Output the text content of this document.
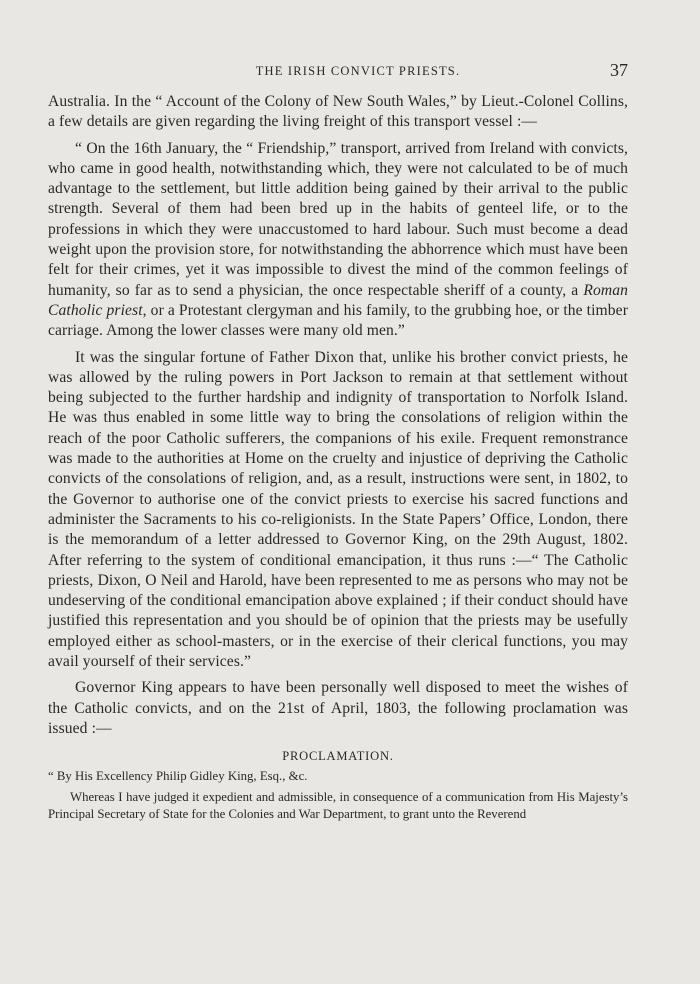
THE IRISH CONVICT PRIESTS.	37

Australia. In the “ Account of the Colony of New South Wales,” by Lieut.-Colonel Collins, a few details are given regarding the living freight of this transport vessel :—

“ On the 16th January, the “ Friendship,” transport, arrived from Ireland with convicts, who came in good health, notwithstanding which, they were not calculated to be of much advantage to the settlement, but little addition being gained by their arrival to the public strength. Several of them had been bred up in the habits of genteel life, or to the professions in which they were unaccustomed to hard labour. Such must become a dead weight upon the provision store, for notwithstanding the abhorrence which must have been felt for their crimes, yet it was impossible to divest the mind of the common feelings of humanity, so far as to send a physician, the once respectable sheriff of a county, a Roman Catholic priest, or a Protestant clergyman and his family, to the grubbing hoe, or the timber carriage. Among the lower classes were many old men.”

It was the singular fortune of Father Dixon that, unlike his brother convict priests, he was allowed by the ruling powers in Port Jackson to remain at that settlement without being subjected to the further hardship and indignity of transportation to Norfolk Island. He was thus enabled in some little way to bring the consolations of religion within the reach of the poor Catholic sufferers, the companions of his exile. Frequent remonstrance was made to the authorities at Home on the cruelty and injustice of depriving the Catholic convicts of the consolations of religion, and, as a result, instructions were sent, in 1802, to the Governor to authorise one of the convict priests to exercise his sacred functions and administer the Sacraments to his co-religionists. In the State Papers’ Office, London, there is the memorandum of a letter addressed to Governor King, on the 29th August, 1802. After referring to the system of conditional emancipation, it thus runs :—“ The Catholic priests, Dixon, O Neil and Harold, have been represented to me as persons who may not be undeserving of the conditional emancipation above explained ; if their conduct should have justified this representation and you should be of opinion that the priests may be usefully employed either as school-masters, or in the exercise of their clerical functions, you may avail yourself of their services.”

Governor King appears to have been personally well disposed to meet the wishes of the Catholic convicts, and on the 21st of April, 1803, the following proclamation was issued :—

PROCLAMATION.

“ By His Excellency Philip Gidley King, Esq., &c.

Whereas I have judged it expedient and admissible, in consequence of a communication from His Majesty’s Principal Secretary of State for the Colonies and War Department, to grant unto the Reverend
